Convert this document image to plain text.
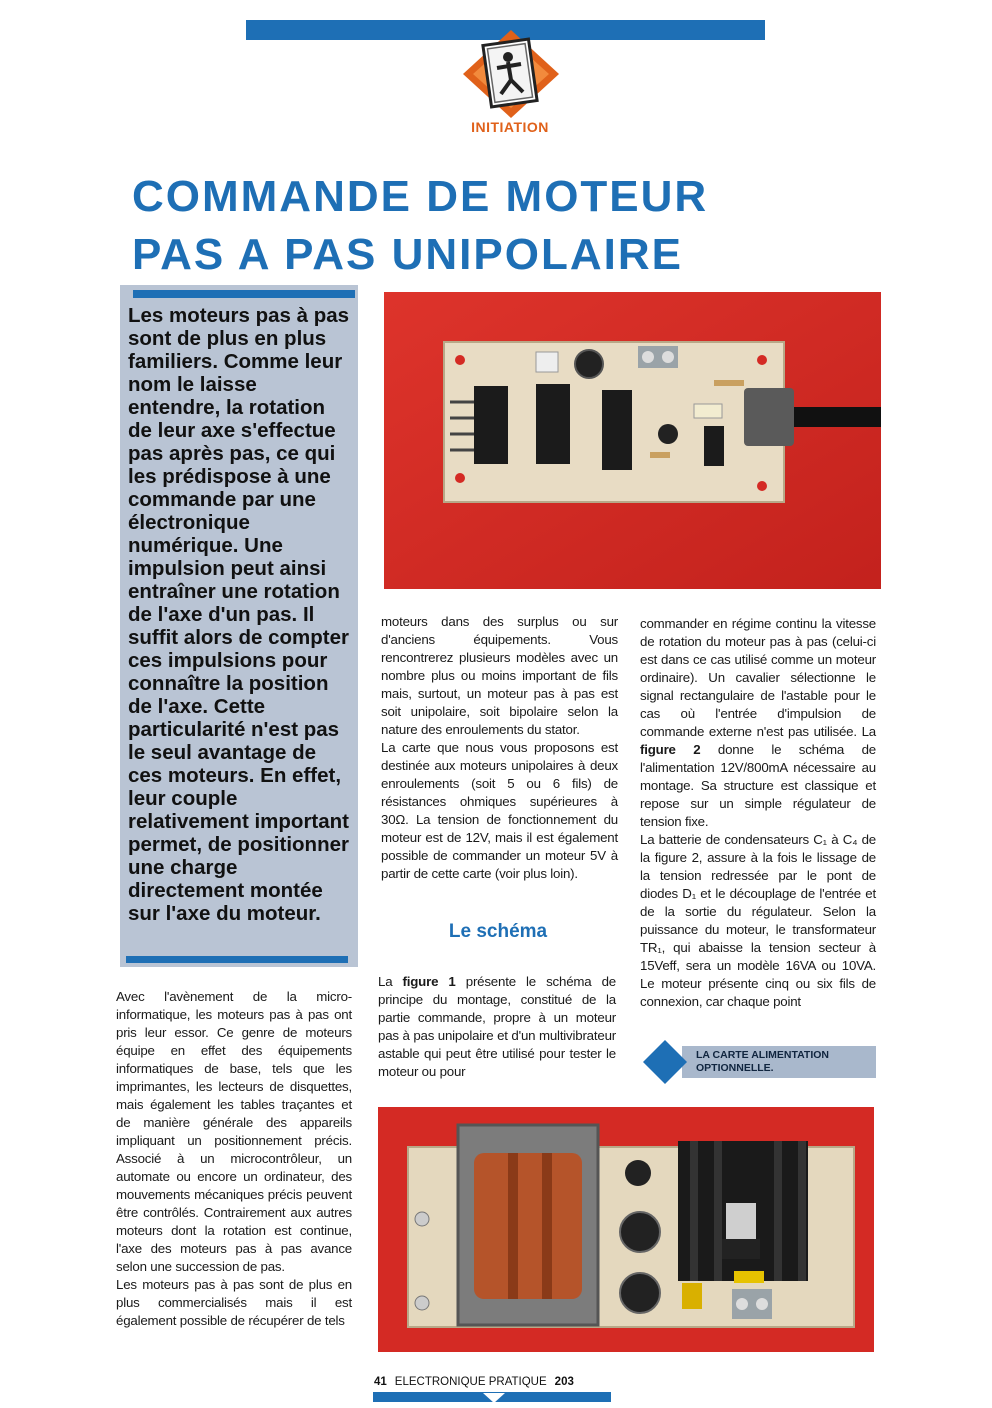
INITIATION
COMMANDE DE MOTEUR
PAS A PAS UNIPOLAIRE
Les moteurs pas à pas sont de plus en plus familiers. Comme leur nom le laisse entendre, la rotation de leur axe s'effectue pas après pas, ce qui les prédispose à une commande par une électronique numérique. Une impulsion peut ainsi entraîner une rotation de l'axe d'un pas. Il suffit alors de compter ces impulsions pour connaître la position de l'axe. Cette particularité n'est pas le seul avantage de ces moteurs. En effet, leur couple relativement important permet, de positionner une charge directement montée sur l'axe du moteur.

Avec l'avènement de la micro-informatique, les moteurs pas à pas ont pris leur essor. Ce genre de moteurs équipe en effet des équipements informatiques de base, tels que les imprimantes, les lecteurs de disquettes, mais également les tables traçantes et de manière générale des appareils impliquant un positionnement précis. Associé à un microcontrôleur, un automate ou encore un ordinateur, des mouvements mécaniques précis peuvent être contrôlés. Contrairement aux autres moteurs dont la rotation est continue, l'axe des moteurs pas à pas avance selon une succession de pas.

Les moteurs pas à pas sont de plus en plus commercialisés mais il est également possible de récupérer de tels

moteurs dans des surplus ou sur d'anciens équipements. Vous rencontrerez plusieurs modèles avec un nombre plus ou moins important de fils mais, surtout, un moteur pas à pas est soit unipolaire, soit bipolaire selon la nature des enroulements du stator.

La carte que nous vous proposons est destinée aux moteurs unipolaires à deux enroulements (soit 5 ou 6 fils) de résistances ohmiques supérieures à 30Ω. La tension de fonctionnement du moteur est de 12V, mais il est également possible de commander un moteur 5V à partir de cette carte (voir plus loin).

Le schéma

La figure 1 présente le schéma de principe du montage, constitué de la partie commande, propre à un moteur pas à pas unipolaire et d'un multivibrateur astable qui peut être utilisé pour tester le moteur ou pour

commander en régime continu la vitesse de rotation du moteur pas à pas (celui-ci est dans ce cas utilisé comme un moteur ordinaire). Un cavalier sélectionne le signal rectangulaire de l'astable pour le cas où l'entrée d'impulsion de commande externe n'est pas utilisée. La figure 2 donne le schéma de l'alimentation 12V/800mA nécessaire au montage. Sa structure est classique et repose sur un simple régulateur de tension fixe.

La batterie de condensateurs C₁ à C₄ de la figure 2, assure à la fois le lissage de la tension redressée par le pont de diodes D₁ et le découplage de l'entrée et de la sortie du régulateur. Selon la puissance du moteur, le transformateur TR₁, qui abaisse la tension secteur à 15Veff, sera un modèle 16VA ou 10VA. Le moteur présente cinq ou six fils de connexion, car chaque point

LA CARTE ALIMENTATION
OPTIONNELLE.
41 ELECTRONIQUE PRATIQUE 203
